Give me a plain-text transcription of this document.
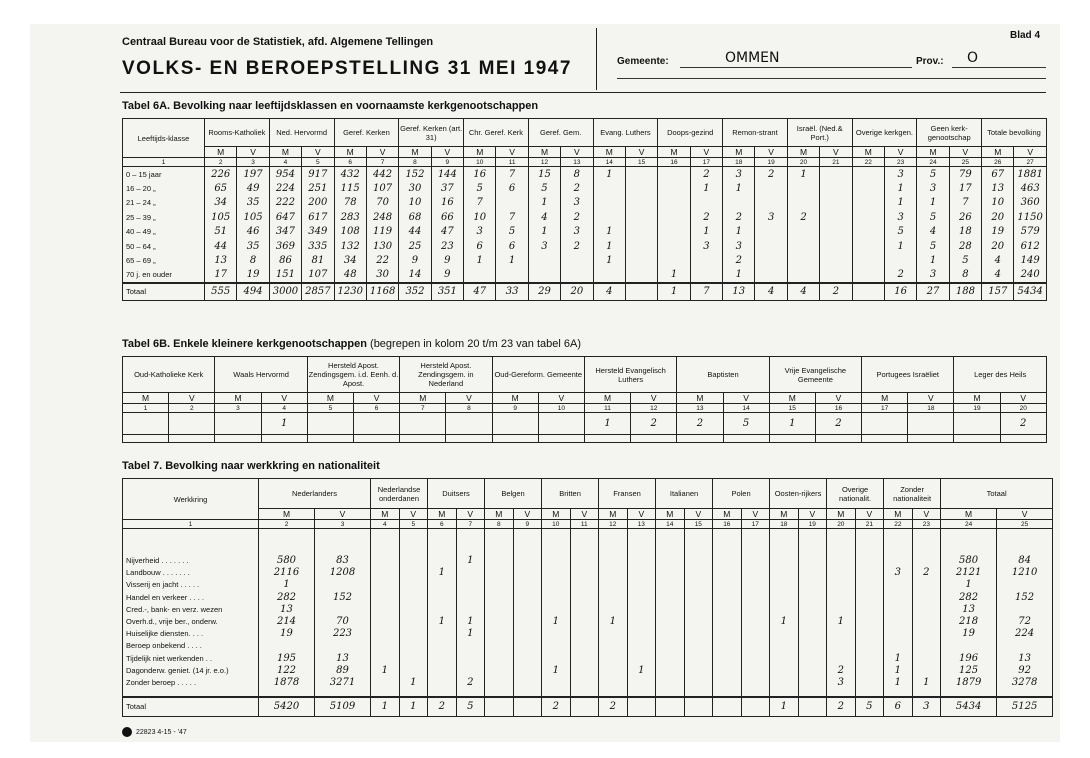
Centraal Bureau voor de Statistiek, afd. Algemene Tellingen
VOLKS- EN BEROEPSTELLING 31 MEI 1947
Blad 4
Gemeente:	OMMEN	Prov.: O
Tabel 6A. Bevolking naar leeftijdsklassen en voornaamste kerkgenootschappen
Leeftijds-klasse	Rooms-Katholiek		Ned. Hervormd		Geref. Kerken		Geref. Kerken (art. 31)		Chr. Geref. Kerk		Geref. Gem.		Evang. Luthers		Doops-gezind		Remon-strant		Israël. (Ned.& Port.)		Overige kerkgen.		Geen kerk-genootschap		Totale bevolking		
	M	V	M	V	M	V	M	V	M	V	M	V	M	V	M	V	M	V	M	V	M	V	M	V	M	V	
1	2	3	4	5	6	7	8	9	10	11	12	13	14	15	16	17	18	19	20	21	22	23	24	25	26	27	
0 – 15 jaar	226	197	954	917	432	442	152	144	16	7	15	8	1			2	3	2	1			3	5	79	67	1881	
16 – 20 „	65	49	224	251	115	107	30	37	5	6	5	2				1	1					1	3	17	13	463	
21 – 24 „	34	35	222	200	78	70	10	16	7		1	3										1	1	7	10	360	
25 – 39 „	105	105	647	617	283	248	68	66	10	7	4	2				2	2	3	2			3	5	26	20	1150	
40 – 49 „	51	46	347	349	108	119	44	47	3	5	1	3	1			1	1					5	4	18	19	579	
50 – 64 „	44	35	369	335	132	130	25	23	6	6	3	2	1			3	3					1	5	28	20	612	
65 – 69 „	13	8	86	81	34	22	9	9	1	1			1				2						1	5	4	149	
70 j. en ouder	17	19	151	107	48	30	14	9							1		1					2	3	8	4	240	
Totaal	555	494	3000	2857	1230	1168	352	351	47	33	29	20	4		1	7	13	4	4	2		16	27	188	157	5434	
Tabel 6B. Enkele kleinere kerkgenootschappen (begrepen in kolom 20 t/m 23 van tabel 6A)
Oud-Katholieke Kerk		Waals Hervormd		Hersteld Apost. Zendingsgem. i.d. Eenh. d. Apost.		Hersteld Apost. Zendingsgem. in Nederland		Oud-Gereform. Gemeente		Hersteld Evangelisch Luthers		Baptisten		Vrije Evangelische Gemeente		Portugees Israëliet		Leger des Heils	
M	V	M	V	M	V	M	V	M	V	M	V	M	V	M	V	M	V	M	V
1	2	3	4	5	6	7	8	9	10	11	12	13	14	15	16	17	18	19	20
			1							1	2	2	5	1	2				2

Tabel 7. Bevolking naar werkkring en nationaliteit
Werkkring	Nederlanders		Nederlandse onderdanen		Duitsers		Belgen		Britten		Fransen		Italianen		Polen		Oosten-rijkers		Overige nationalit.		Zonder nationaliteit		Totaal	
	M	V	M	V	M	V	M	V	M	V	M	V	M	V	M	V	M	V	M	V	M	V	M	V
1	2	3	4	5	6	7	8	9	10	11	12	13	14	15	16	17	18	19	20	21	22	23	24	25

Nijverheid . . . . . . .	580	83				1																	580	84
Landbouw . . . . . . .	2116	1208			1																3	2	2121	1210
Visserij en jacht . . . . .	1																						1	
Handel en verkeer . . . .	282	152																					282	152
Cred.-, bank- en verz. wezen	13																						13	
Overh.d., vrije ber., onderw.	214	70			1	1			1		1						1		1				218	72
Huiselijke diensten. . . .	19	223				1																	19	224
Beroep onbekend . . . .																								
Tijdelijk niet werkenden . .	195	13																			1		196	13
Dagonderw. geniet. (14 jr. e.o.)	122	89	1						1			1							2		1		125	92
Zonder beroep . . . . .	1878	3271		1		2													3		1	1	1879	3278

Totaal	5420	5109	1	1	2	5			2		2						1		2	5	6	3	5434	5125
22823 4-15 - '47
